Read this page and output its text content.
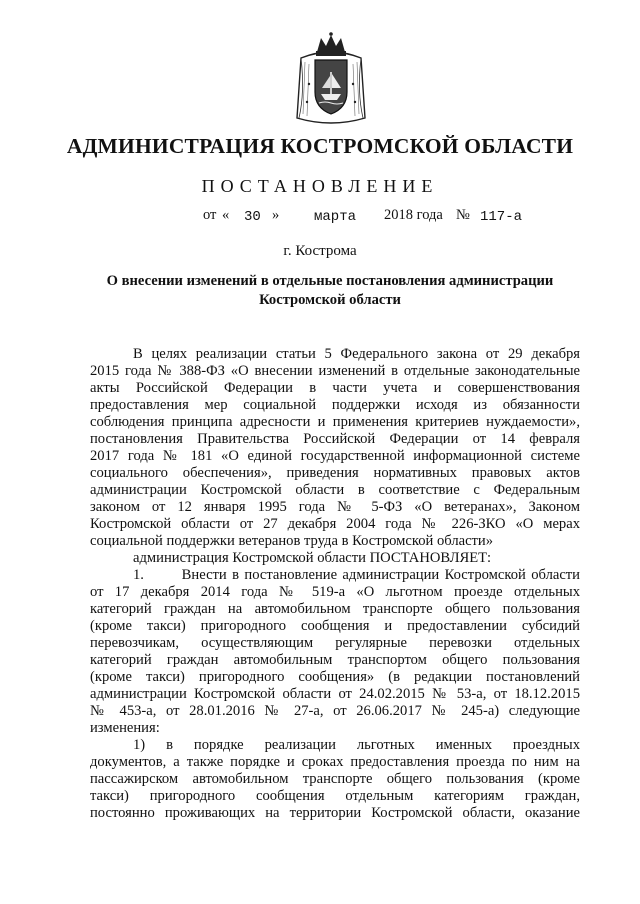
АДМИНИСТРАЦИЯ КОСТРОМСКОЙ ОБЛАСТИ
ПОСТАНОВЛЕНИЕ
от « 30 » марта 2018 года № 117-а
г. Кострома
О внесении изменений в отдельные постановления администрации
Костромской области
В целях реализации статьи 5 Федерального закона от 29 декабря
2015 года № 388-ФЗ «О внесении изменений в отдельные законодательные
акты Российской Федерации в части учета и совершенствования
предоставления мер социальной поддержки исходя из обязанности
соблюдения принципа адресности и применения критериев нуждаемости»,
постановления Правительства Российской Федерации от 14 февраля
2017 года № 181 «О единой государственной информационной системе
социального обеспечения», приведения нормативных правовых актов
администрации Костромской области в соответствие с Федеральным
законом от 12 января 1995 года № 5-ФЗ «О ветеранах», Законом
Костромской области от 27 декабря 2004 года № 226-ЗКО «О мерах
социальной поддержки ветеранов труда в Костромской области»
администрация Костромской области ПОСТАНОВЛЯЕТ:
1.       Внести в постановление администрации Костромской области
от 17 декабря 2014 года № 519-а «О льготном проезде отдельных
категорий граждан на автомобильном транспорте общего пользования
(кроме такси) пригородного сообщения и предоставлении субсидий
перевозчикам, осуществляющим регулярные перевозки отдельных
категорий граждан автомобильным транспортом общего пользования
(кроме такси) пригородного сообщения» (в редакции постановлений
администрации Костромской области от 24.02.2015 № 53-а, от 18.12.2015
№ 453-а, от 28.01.2016 № 27-а, от 26.06.2017 № 245-а) следующие
изменения:
1) в порядке реализации льготных именных проездных
документов, а также порядке и сроках предоставления проезда по ним на
пассажирском автомобильном транспорте общего пользования (кроме
такси) пригородного сообщения отдельным категориям граждан,
постоянно проживающих на территории Костромской области, оказание
